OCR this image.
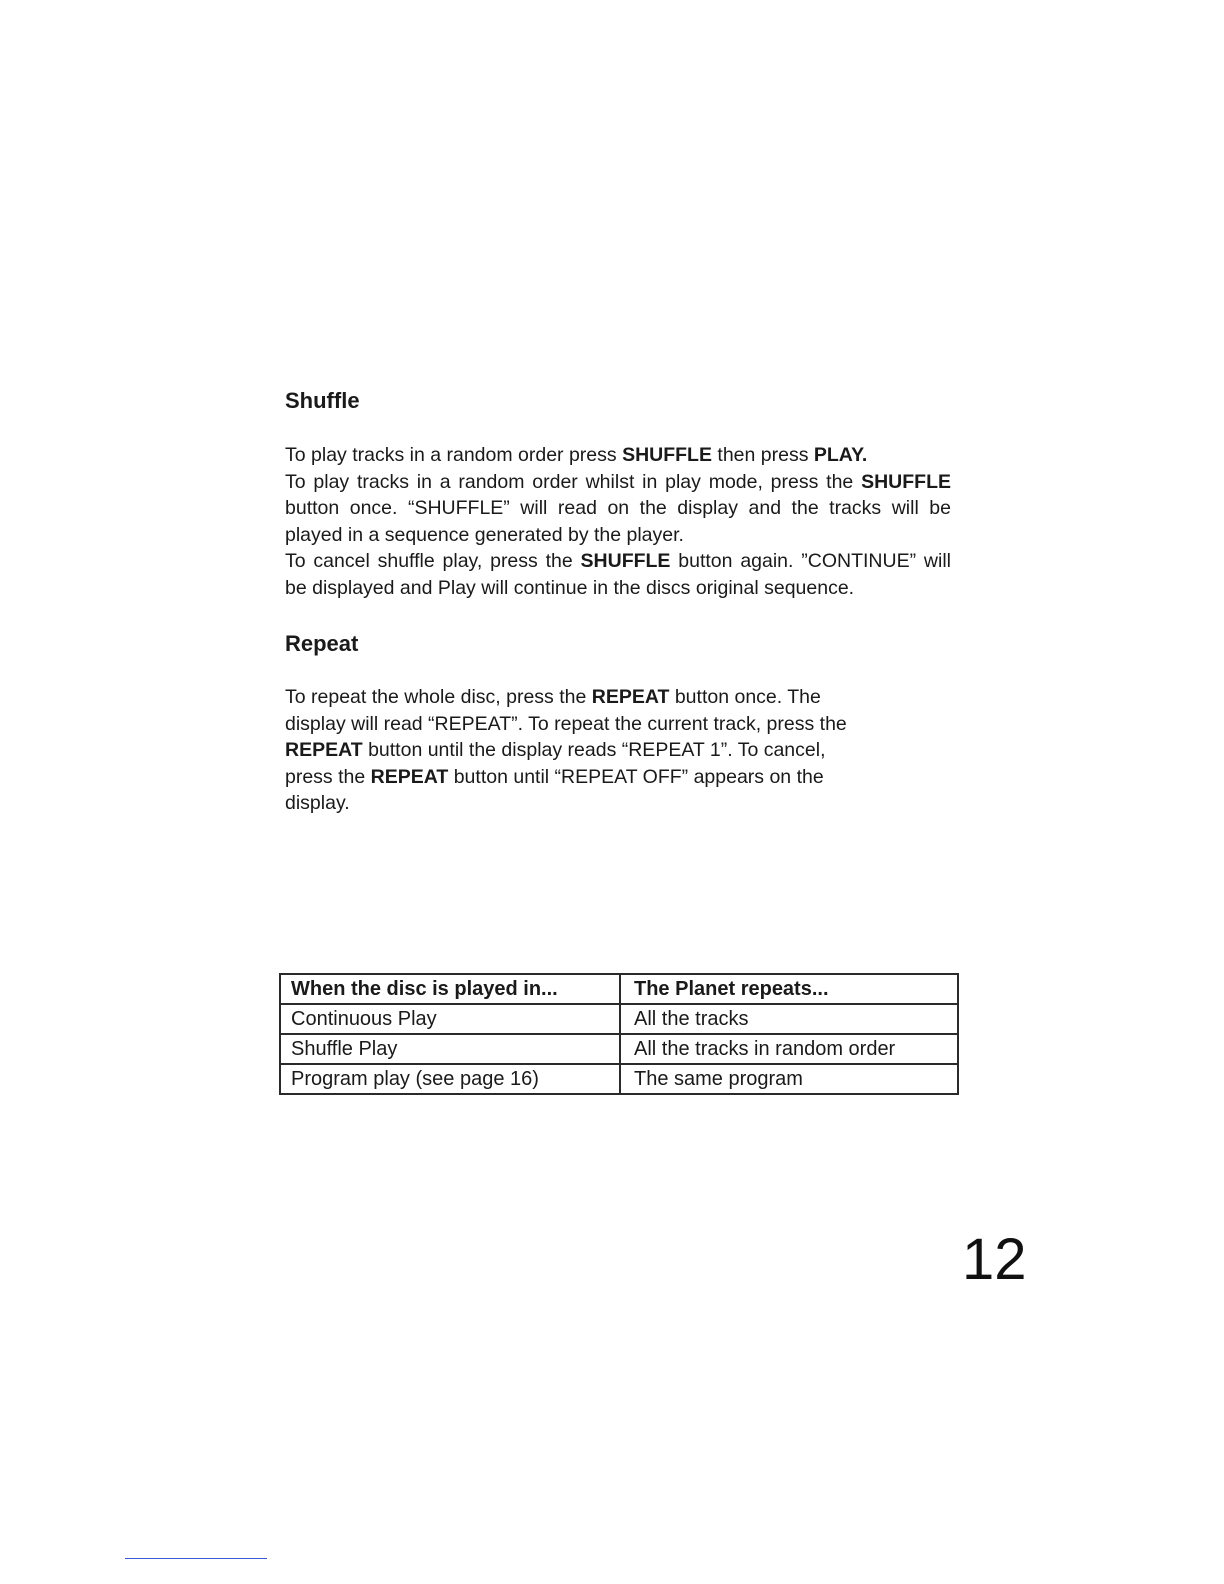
Shuffle

To play tracks in a random order press SHUFFLE then press PLAY.

To play tracks in a random order whilst in play mode, press the SHUFFLE button once. “SHUFFLE” will read on the display and the tracks will be played in a sequence generated by the player.

To cancel shuffle play, press the SHUFFLE button again. ”CONTINUE” will be displayed and Play will continue in the discs original sequence.

Repeat

To repeat the whole disc, press the REPEAT button once. The
display will read “REPEAT”. To repeat the current track, press the
REPEAT button until the display reads “REPEAT 1”. To cancel,
press the REPEAT button until “REPEAT OFF” appears on the
display.

When the disc is played in...	The Planet repeats...
Continuous Play	All the tracks
Shuffle Play	All the tracks in random order
Program play (see page 16)	The same program
12
